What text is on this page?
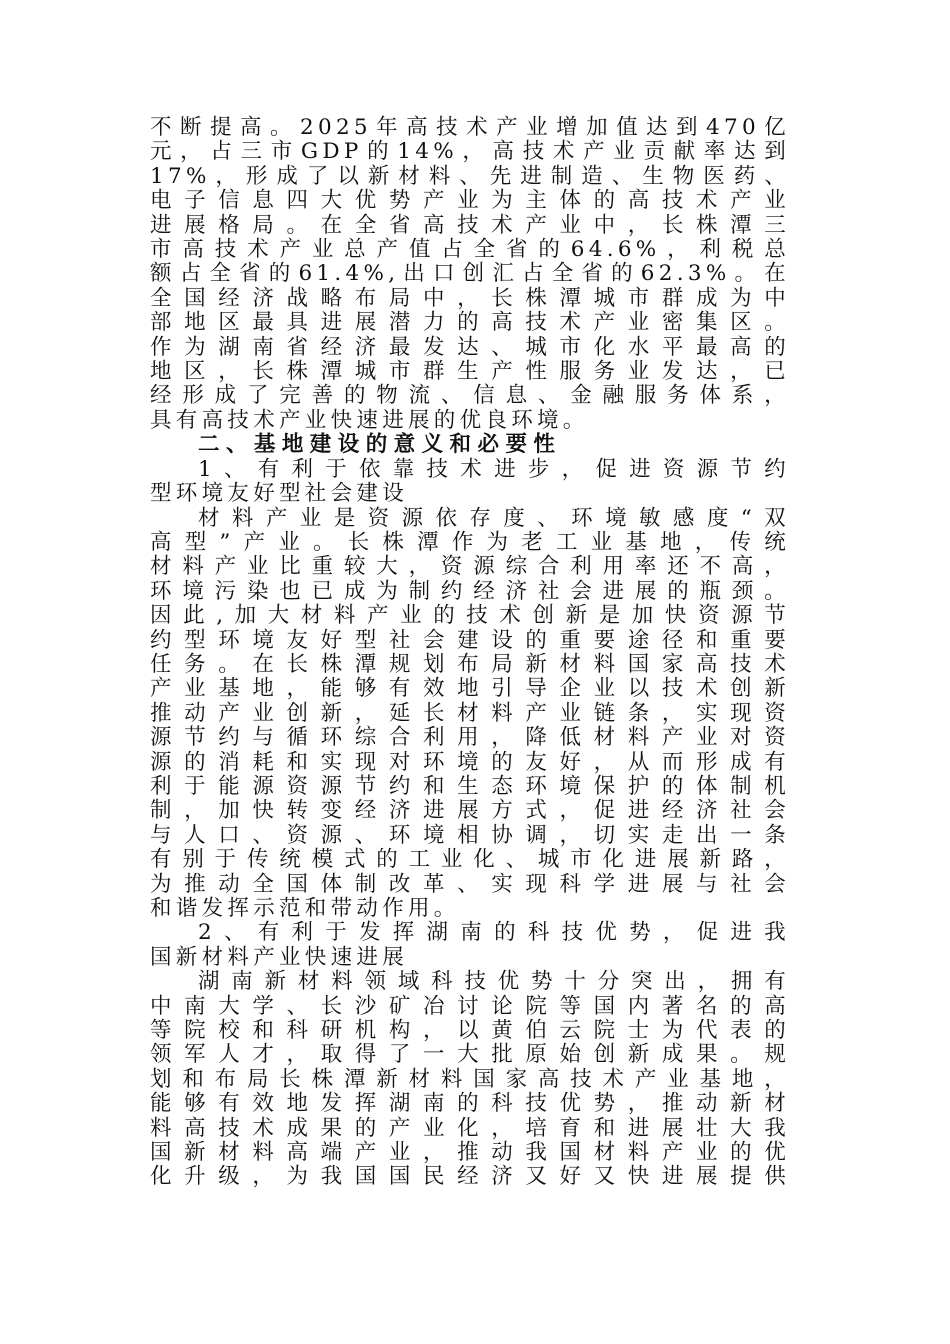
不断提高。2025年高技术产业增加值达到470亿
元，占三市GDP的14%，高技术产业贡献率达到
17%，形成了以新材料、先进制造、生物医药、
电子信息四大优势产业为主体的高技术产业
进展格局。在全省高技术产业中，长株潭三
市高技术产业总产值占全省的64.6%，利税总
额占全省的61.4%,出口创汇占全省的62.3%。在
全国经济战略布局中，长株潭城市群成为中
部地区最具进展潜力的高技术产业密集区。
作为湖南省经济最发达、城市化水平最高的
地区，长株潭城市群生产性服务业发达，已
经形成了完善的物流、信息、金融服务体系，
具有高技术产业快速进展的优良环境。
二、基地建设的意义和必要性
1、有利于依靠技术进步，促进资源节约
型环境友好型社会建设
材料产业是资源依存度、环境敏感度“双
高型”产业。长株潭作为老工业基地，传统
材料产业比重较大，资源综合利用率还不高，
环境污染也已成为制约经济社会进展的瓶颈。
因此,加大材料产业的技术创新是加快资源节
约型环境友好型社会建设的重要途径和重要
任务。在长株潭规划布局新材料国家高技术
产业基地，能够有效地引导企业以技术创新
推动产业创新，延长材料产业链条，实现资
源节约与循环综合利用，降低材料产业对资
源的消耗和实现对环境的友好，从而形成有
利于能源资源节约和生态环境保护的体制机
制，加快转变经济进展方式，促进经济社会
与人口、资源、环境相协调，切实走出一条
有别于传统模式的工业化、城市化进展新路，
为推动全国体制改革、实现科学进展与社会
和谐发挥示范和带动作用。
2、有利于发挥湖南的科技优势，促进我
国新材料产业快速进展
湖南新材料领域科技优势十分突出，拥有
中南大学、长沙矿冶讨论院等国内著名的高
等院校和科研机构，以黄伯云院士为代表的
领军人才，取得了一大批原始创新成果。规
划和布局长株潭新材料国家高技术产业基地，
能够有效地发挥湖南的科技优势，推动新材
料高技术成果的产业化，培育和进展壮大我
国新材料高端产业，推动我国材料产业的优
化升级，为我国国民经济又好又快进展提供
